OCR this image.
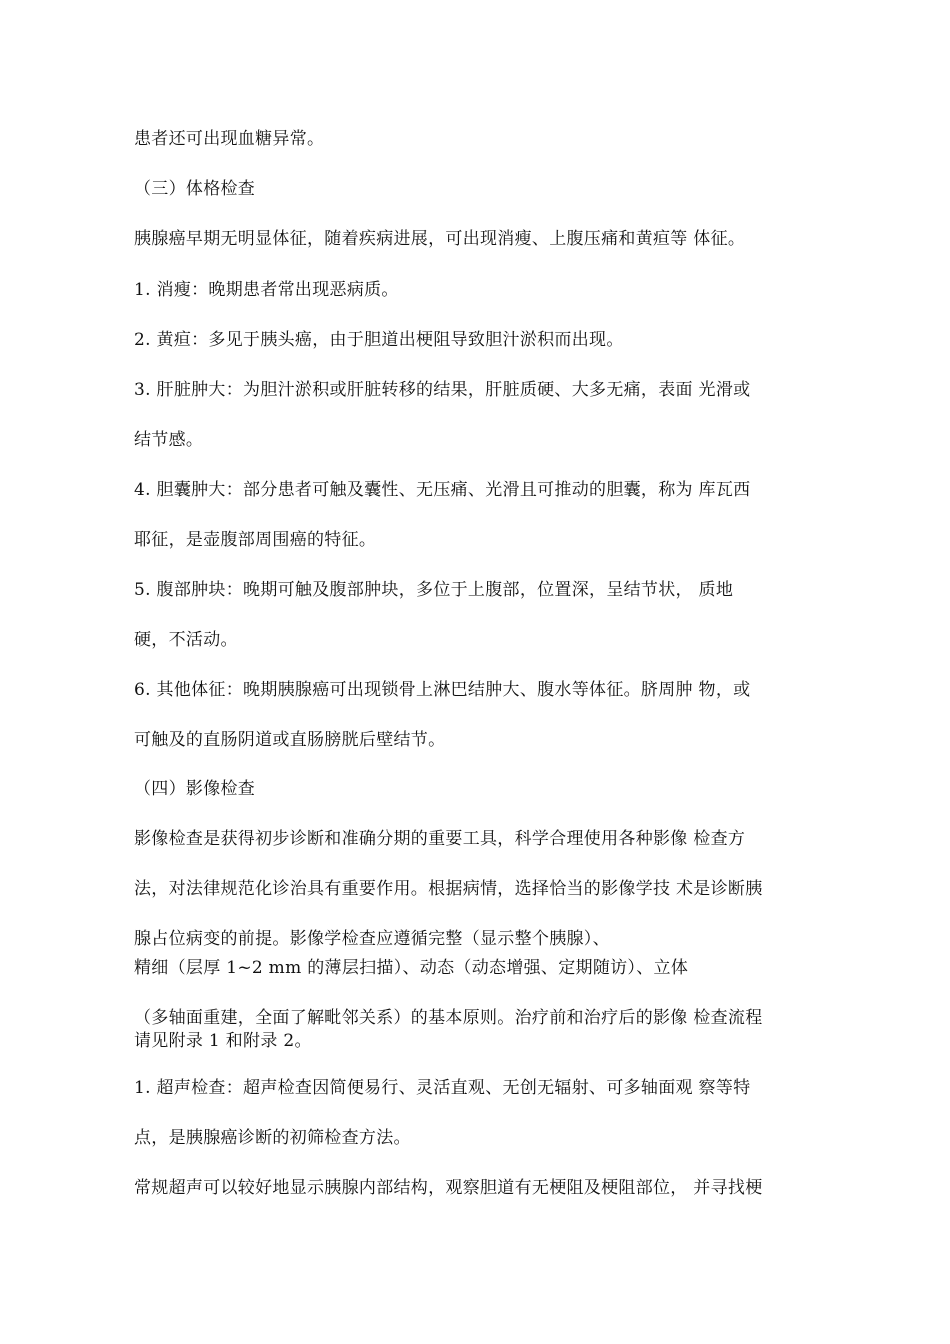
患者还可出现血糖异常。
（三）体格检查
胰腺癌早期无明显体征，随着疾病进展，可出现消瘦、上腹压痛和黄疸等 体征。
1. 消瘦：晚期患者常出现恶病质。
2. 黄疸：多见于胰头癌，由于胆道出梗阻导致胆汁淤积而出现。
3. 肝脏肿大：为胆汁淤积或肝脏转移的结果，肝脏质硬、大多无痛，表面 光滑或
结节感。
4. 胆囊肿大：部分患者可触及囊性、无压痛、光滑且可推动的胆囊，称为 库瓦西
耶征，是壶腹部周围癌的特征。
5. 腹部肿块：晚期可触及腹部肿块，多位于上腹部，位置深，呈结节状， 质地
硬，不活动。
6. 其他体征：晚期胰腺癌可出现锁骨上淋巴结肿大、腹水等体征。脐周肿 物，或
可触及的直肠阴道或直肠膀胱后壁结节。
（四）影像检查
影像检查是获得初步诊断和准确分期的重要工具，科学合理使用各种影像 检查方
法，对法律规范化诊治具有重要作用。根据病情，选择恰当的影像学技 术是诊断胰
腺占位病变的前提。影像学检查应遵循完整（显示整个胰腺）、
精细（层厚 1~2 mm 的薄层扫描）、动态（动态增强、定期随访）、立体
（多轴面重建，全面了解毗邻关系）的基本原则。治疗前和治疗后的影像 检查流程
请见附录 1 和附录 2。
1. 超声检查：超声检查因简便易行、灵活直观、无创无辐射、可多轴面观 察等特
点，是胰腺癌诊断的初筛检查方法。
常规超声可以较好地显示胰腺内部结构，观察胆道有无梗阻及梗阻部位， 并寻找梗
